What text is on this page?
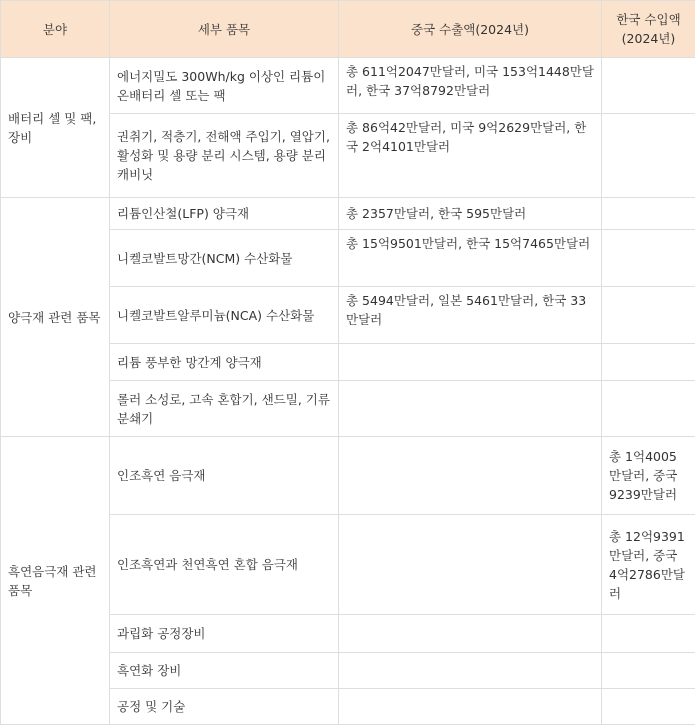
분야	세부 품목	중국 수출액(2024년)	한국 수입액 (2024년)
배터리 셀 및 팩, 장비	에너지밀도 300Wh/kg 이상인 리튬이온배터리 셀 또는 팩	총 611억2047만달러, 미국 153억1448만달러, 한국 37억8792만달러	
	권취기, 적층기, 전해액 주입기, 열압기, 활성화 및 용량 분리 시스템, 용량 분리 캐비닛	총 86억42만달러, 미국 9억2629만달러, 한국 2억4101만달러	
양극재 관련 품목	리튬인산철(LFP) 양극재	총 2357만달러, 한국 595만달러	
	니켈코발트망간(NCM) 수산화물	총 15억9501만달러, 한국 15억7465만달러	
	니켈코발트알루미늄(NCA) 수산화물	총 5494만달러, 일본 5461만달러, 한국 33만달러	
	리튬 풍부한 망간계 양극재		
	롤러 소성로, 고속 혼합기, 샌드밀, 기류분쇄기		
흑연음극재 관련 품목	인조흑연 음극재		총 1억4005만달러, 중국 9239만달러
	인조흑연과 천연흑연 혼합 음극재		총 12억9391만달러, 중국 4억2786만달러
	과립화 공정장비		
	흑연화 장비		
	공정 및 기술		
